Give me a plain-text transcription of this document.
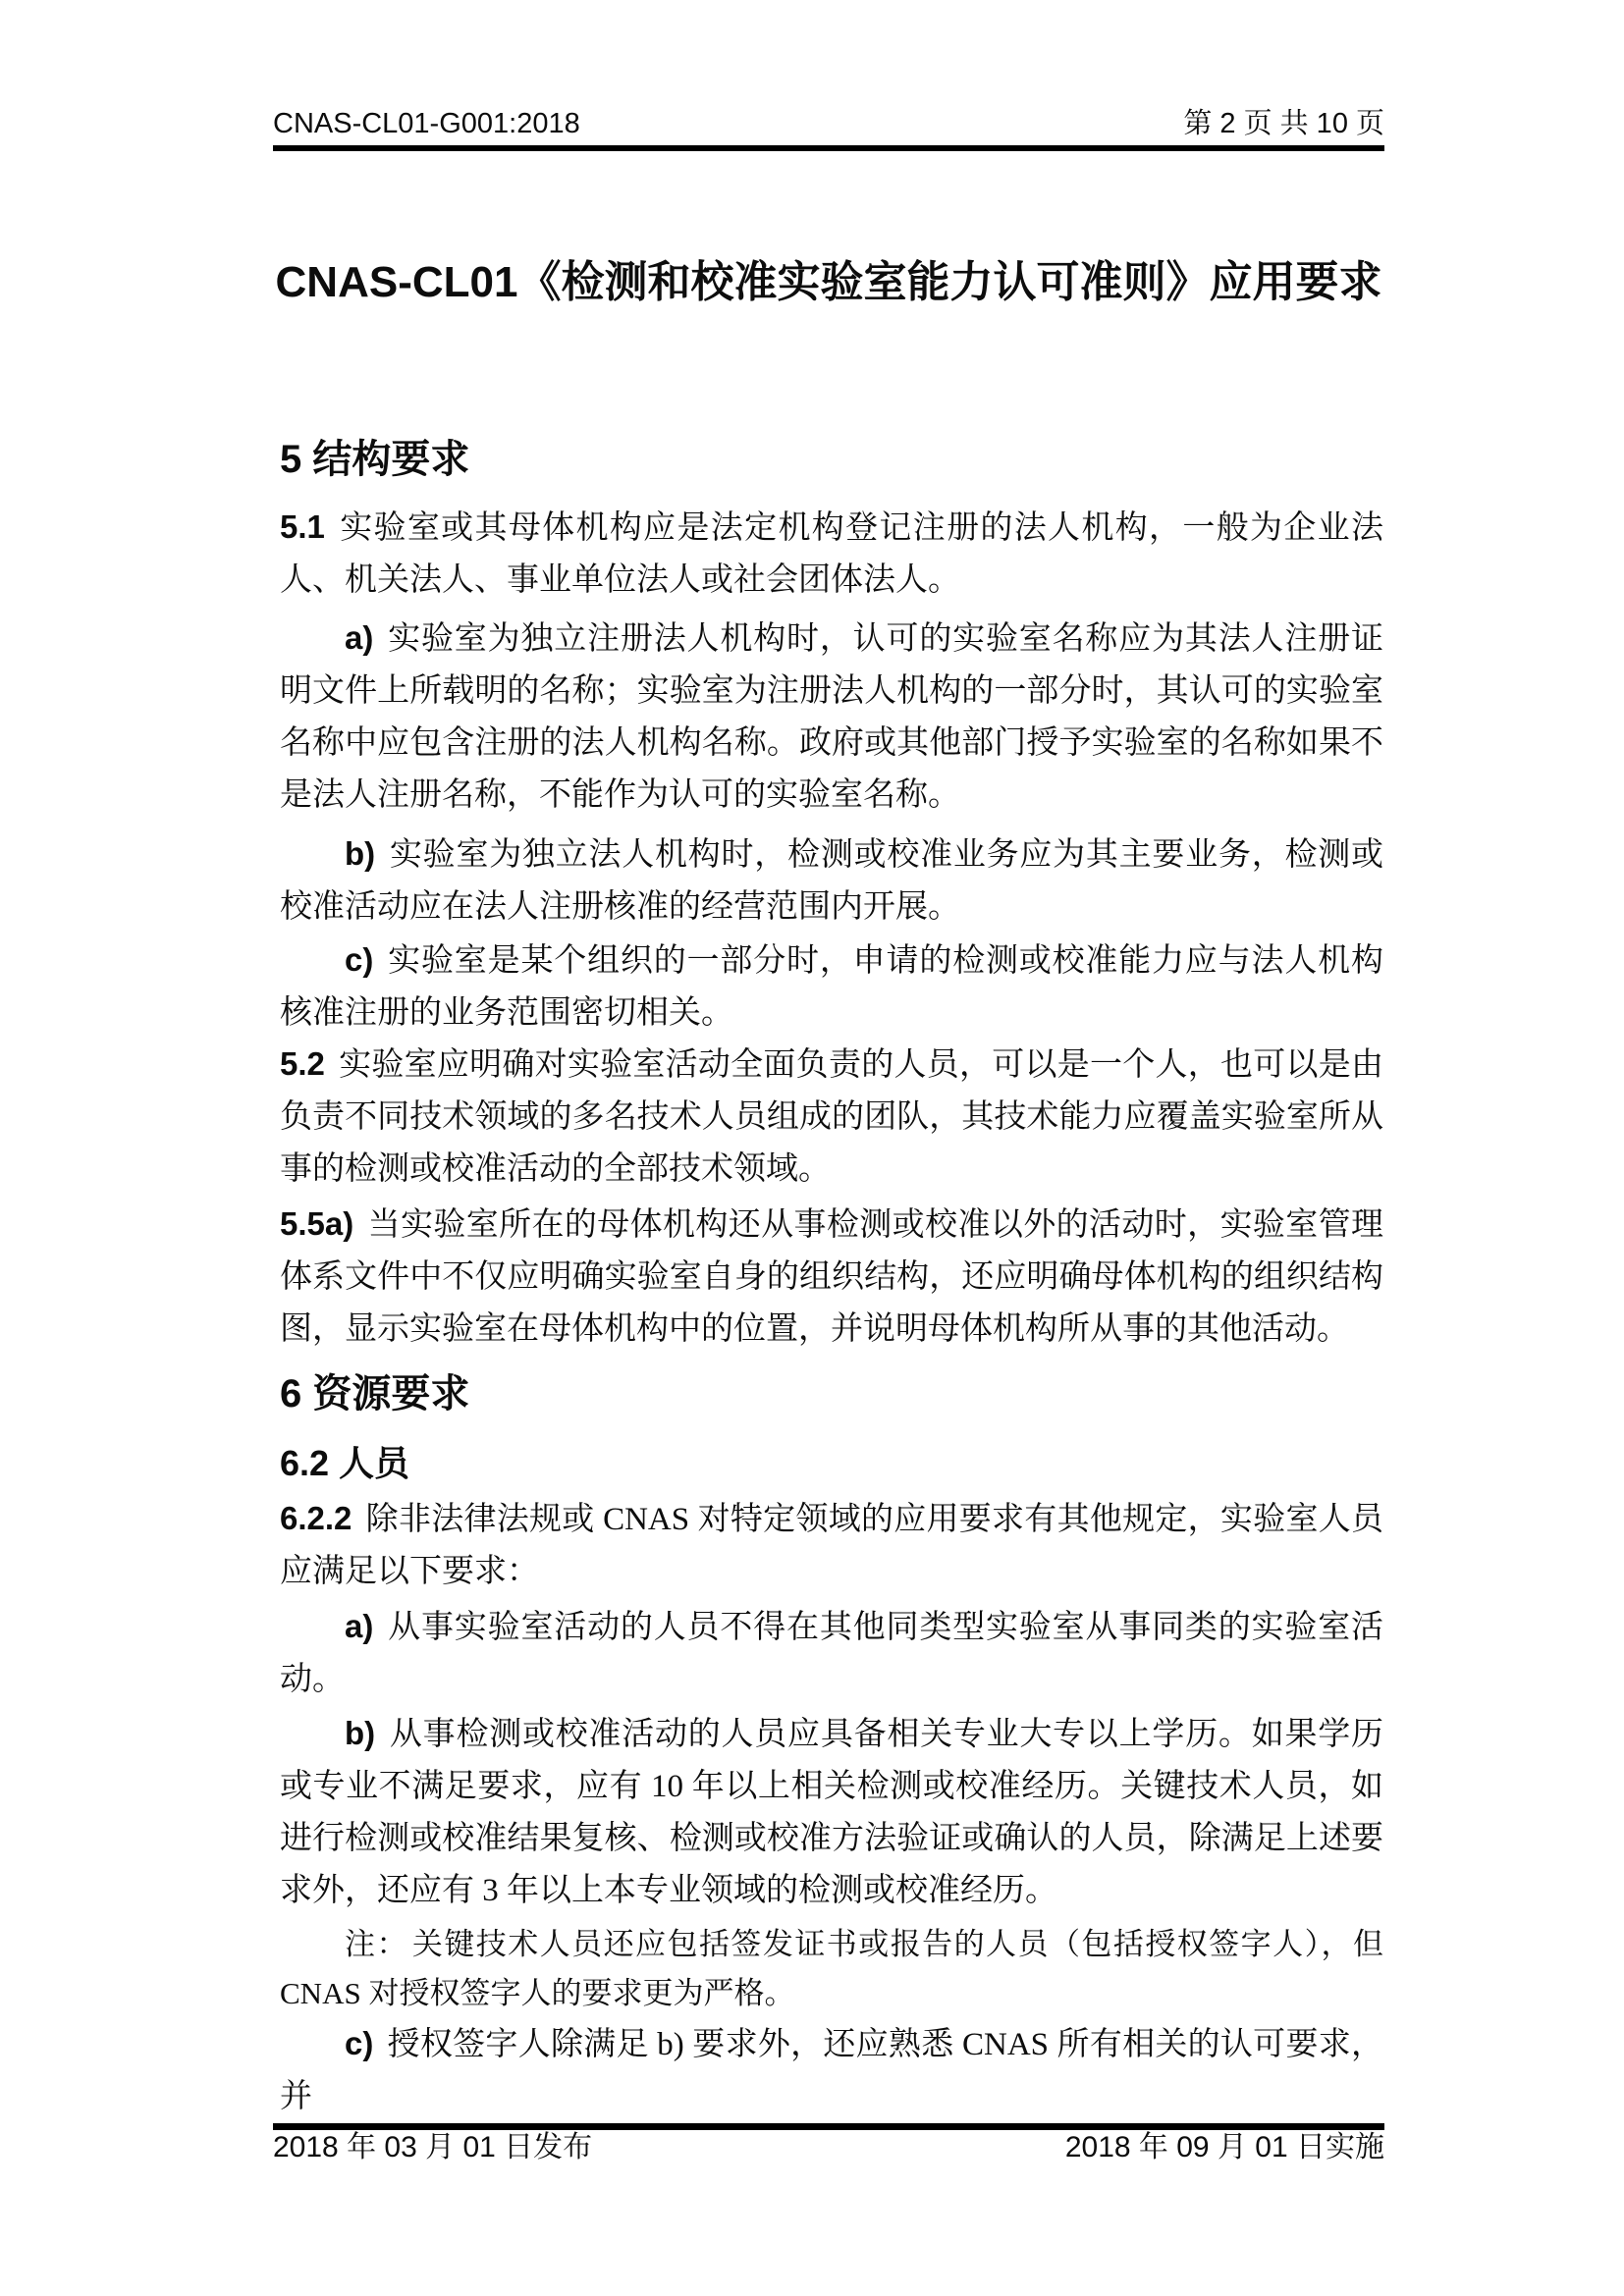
CNAS-CL01-G001:2018	第 2 页 共 10 页
CNAS-CL01《检测和校准实验室能力认可准则》应用要求
5 结构要求

5.1 实验室或其母体机构应是法定机构登记注册的法人机构，一般为企业法人、机关法人、事业单位法人或社会团体法人。

a) 实验室为独立注册法人机构时，认可的实验室名称应为其法人注册证明文件上所载明的名称；实验室为注册法人机构的一部分时，其认可的实验室名称中应包含注册的法人机构名称。政府或其他部门授予实验室的名称如果不是法人注册名称，不能作为认可的实验室名称。

b) 实验室为独立法人机构时，检测或校准业务应为其主要业务，检测或校准活动应在法人注册核准的经营范围内开展。

c) 实验室是某个组织的一部分时，申请的检测或校准能力应与法人机构核准注册的业务范围密切相关。

5.2 实验室应明确对实验室活动全面负责的人员，可以是一个人，也可以是由负责不同技术领域的多名技术人员组成的团队，其技术能力应覆盖实验室所从事的检测或校准活动的全部技术领域。

5.5a) 当实验室所在的母体机构还从事检测或校准以外的活动时，实验室管理体系文件中不仅应明确实验室自身的组织结构，还应明确母体机构的组织结构图，显示实验室在母体机构中的位置，并说明母体机构所从事的其他活动。

6 资源要求
6.2 人员

6.2.2 除非法律法规或 CNAS 对特定领域的应用要求有其他规定，实验室人员应满足以下要求：

a) 从事实验室活动的人员不得在其他同类型实验室从事同类的实验室活动。

b) 从事检测或校准活动的人员应具备相关专业大专以上学历。如果学历或专业不满足要求，应有 10 年以上相关检测或校准经历。关键技术人员，如进行检测或校准结果复核、检测或校准方法验证或确认的人员，除满足上述要求外，还应有 3 年以上本专业领域的检测或校准经历。

注： 关键技术人员还应包括签发证书或报告的人员（包括授权签字人），但 CNAS 对授权签字人的要求更为严格。

c) 授权签字人除满足 b) 要求外，还应熟悉 CNAS 所有相关的认可要求，并

2018 年 03 月 01 日发布	2018 年 09 月 01 日实施
